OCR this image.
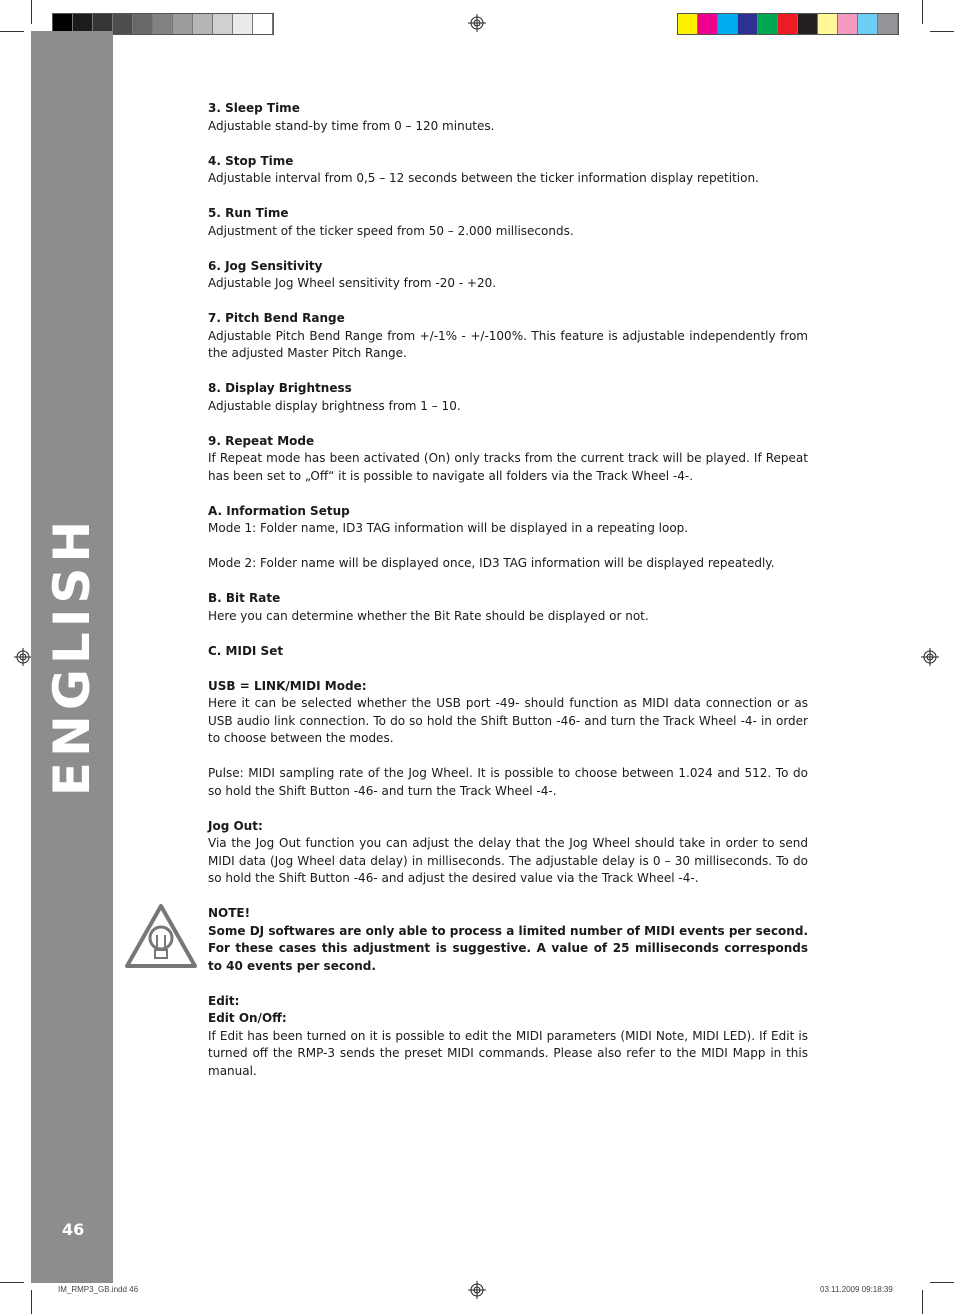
ENGLISH
46
3. Sleep Time
Adjustable stand-by time from 0 – 120 minutes.
4. Stop Time
Adjustable interval from 0,5 – 12 seconds between the ticker information display repetition.
5. Run Time
Adjustment of the ticker speed from 50 – 2.000 milliseconds.
6. Jog Sensitivity
Adjustable Jog Wheel sensitivity from -20 - +20.
7. Pitch Bend Range
Adjustable Pitch Bend Range from +/-1% - +/-100%. This feature is adjustable independently from the adjusted Master Pitch Range.
8. Display Brightness
Adjustable display brightness from 1 – 10.
9. Repeat Mode
If Repeat mode has been activated (On) only tracks from the current track will be played. If Repeat has been set to „Off“ it is possible to navigate all folders via the Track Wheel -4-.
A. Information Setup
Mode 1: Folder name, ID3 TAG information will be displayed in a repeating loop.
Mode 2: Folder name will be displayed once, ID3 TAG information will be displayed repeatedly.
B. Bit Rate
Here you can determine whether the Bit Rate should be displayed or not.
C. MIDI Set
USB = LINK/MIDI Mode:
Here it can be selected whether the USB port -49- should function as MIDI data connection or as USB audio link connection. To do so hold the Shift Button -46- and turn the Track Wheel -4- in order to choose between the modes.
Pulse: MIDI sampling rate of the Jog Wheel. It is possible to choose between 1.024 and 512. To do so hold the Shift Button -46- and turn the Track Wheel -4-.
Jog Out:
Via the Jog Out function you can adjust the delay that the Jog Wheel should take in order to send MIDI data (Jog Wheel data delay) in milliseconds. The adjustable delay is 0 – 30 milliseconds. To do so hold the Shift Button -46- and adjust the desired value via the Track Wheel -4-.
NOTE!
Some DJ softwares are only able to process a limited number of MIDI events per second. For these cases this adjustment is suggestive. A value of 25 milliseconds corresponds to 40 events per second.
Edit:
Edit On/Off:
If Edit has been turned on it is possible to edit the MIDI parameters (MIDI Note, MIDI LED). If Edit is turned off the RMP-3 sends the preset MIDI commands. Please also refer to the MIDI Mapp in this manual.
IM_RMP3_GB.indd 46	03.11.2009 09:18:39
